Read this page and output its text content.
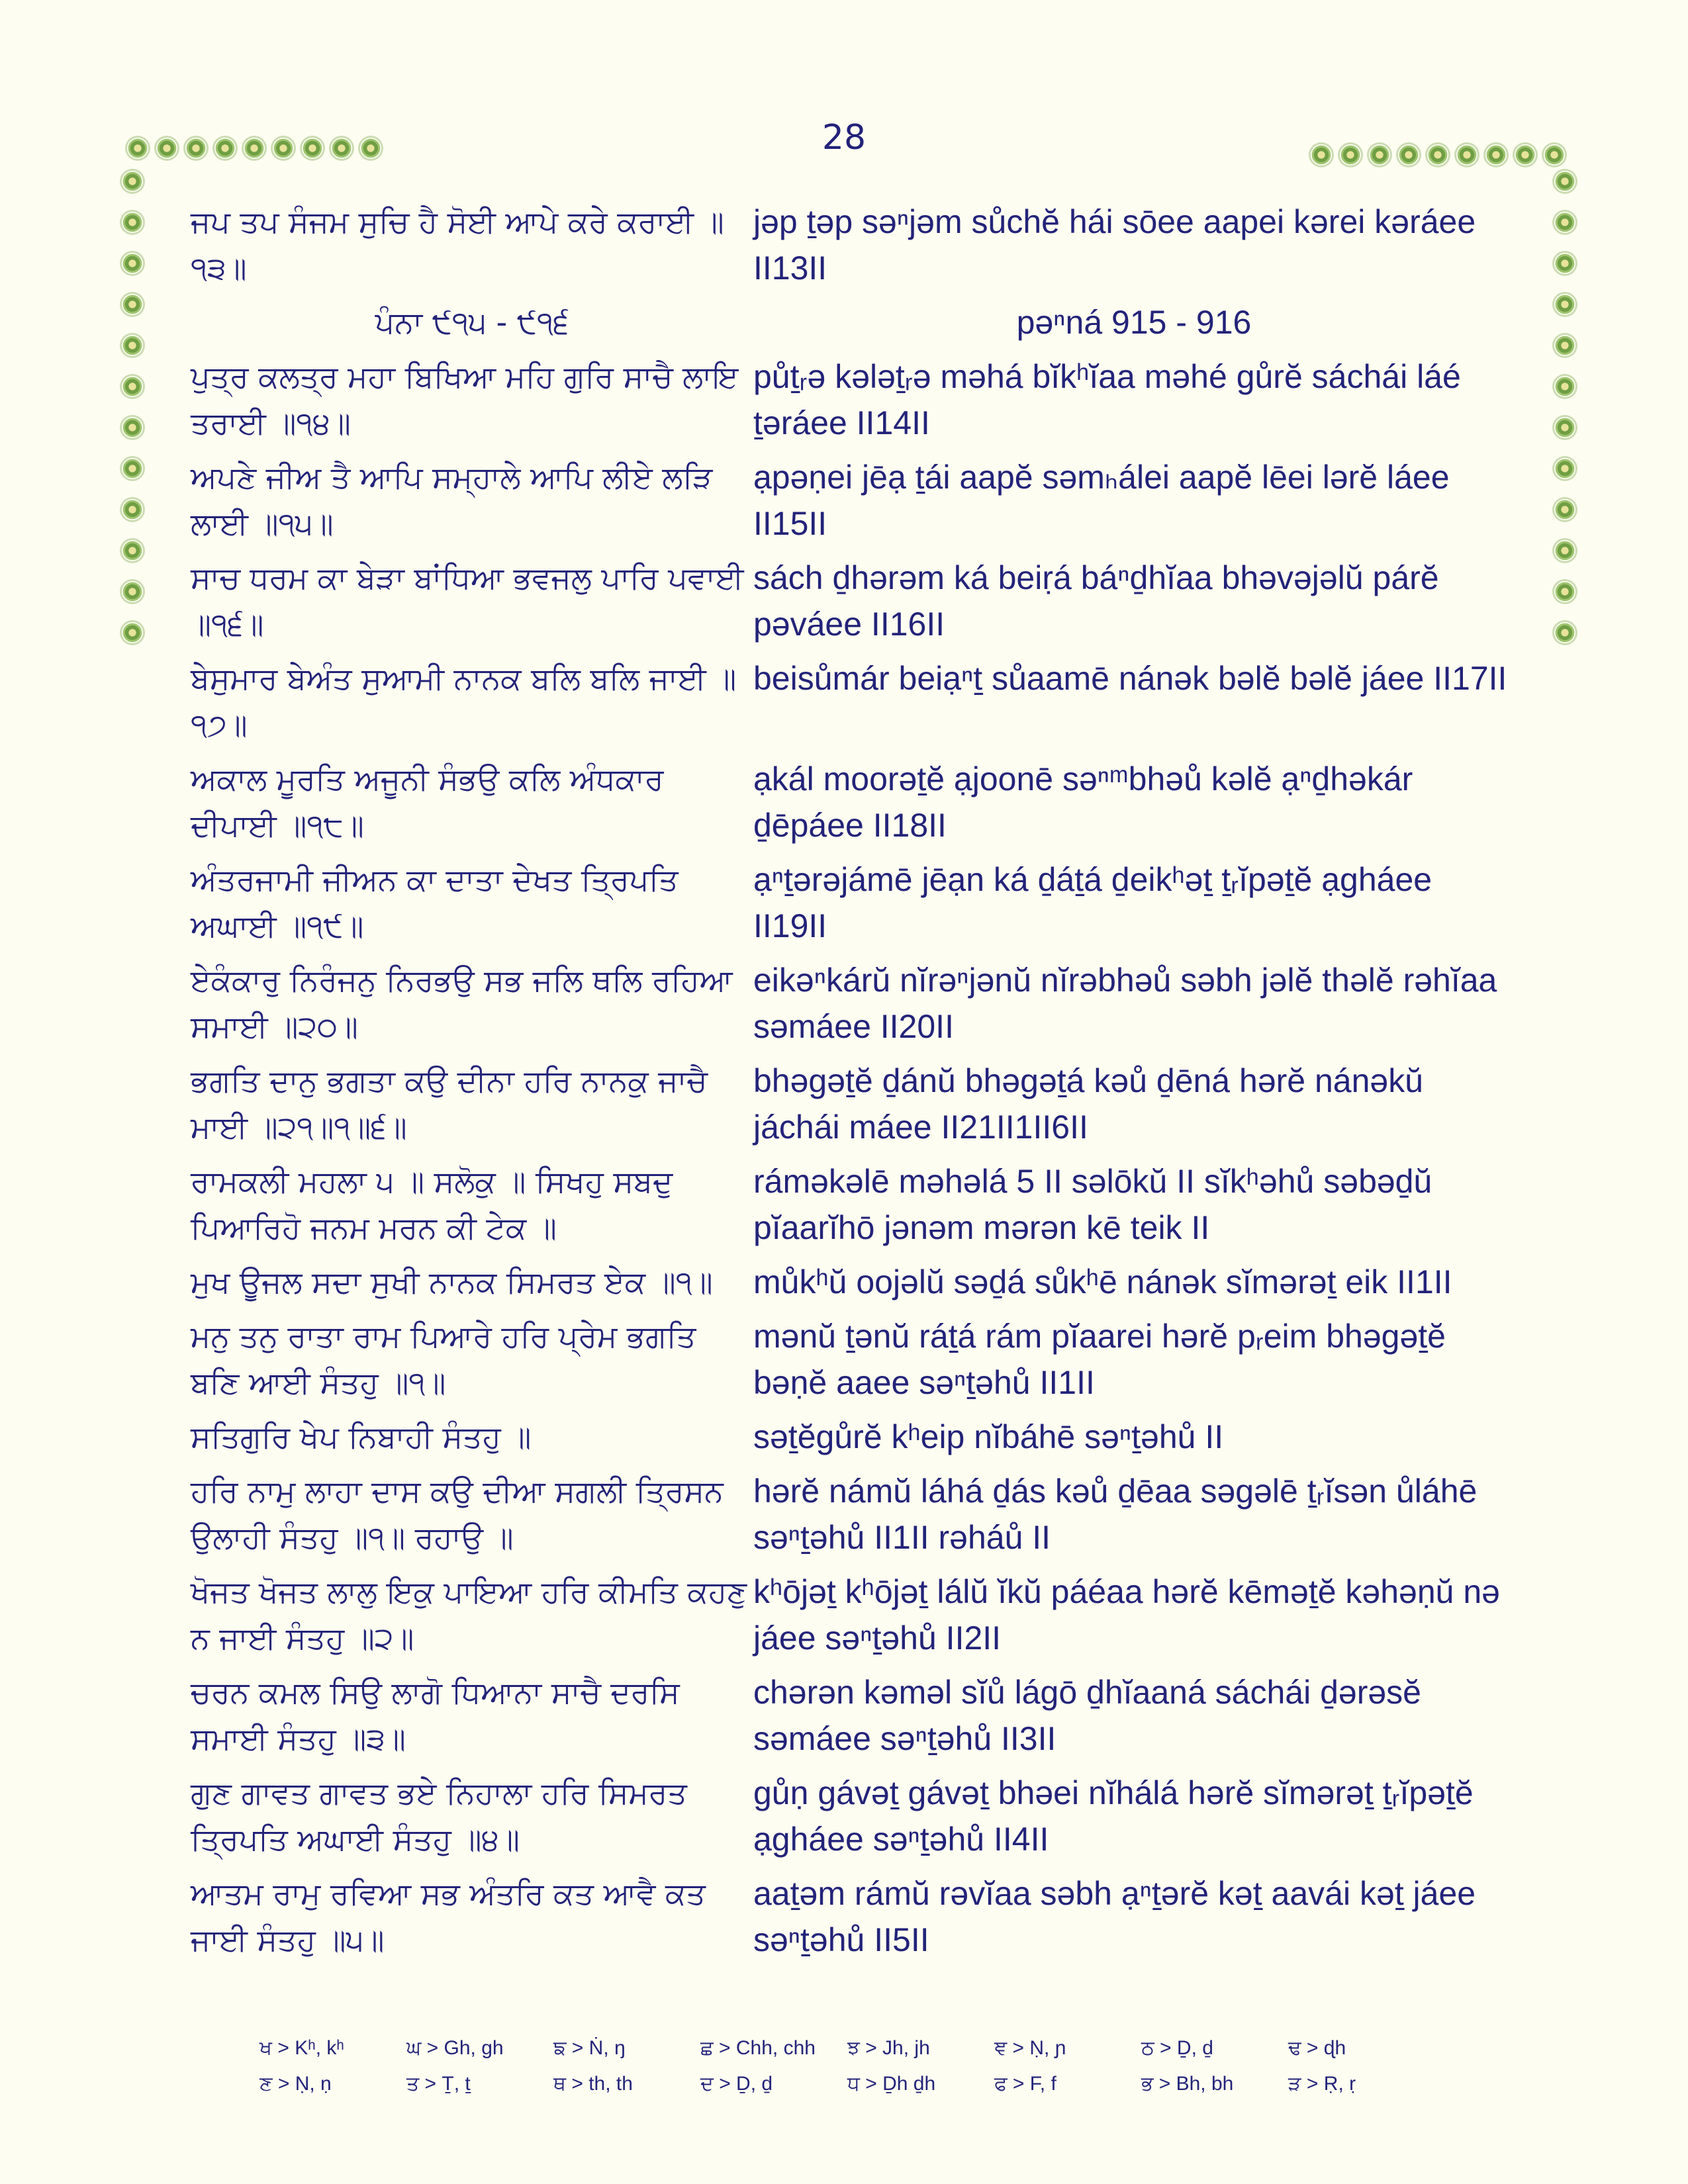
28
ਜਪ ਤਪ ਸੰਜਮ ਸੁਚਿ ਹੈ ਸੋਈ ਆਪੇ ਕਰੇ ਕਰਾਈ ॥੧੩॥
jəp ṯəp səⁿjəm sůchĕ hái sōee aapei kərei kəráee II13II
ਪੰਨਾ ੯੧੫ - ੯੧੬	pəⁿná 915 - 916
ਪੁਤ੍ਰ ਕਲਤ੍ਰ ਮਹਾ ਬਿਖਿਆ ਮਹਿ ਗੁਰਿ ਸਾਚੈ ਲਾਇ ਤਰਾਈ ॥੧੪॥
půṯᵣə kələṯᵣə məhá bĭkʰĭaa məhé gůrĕ sáchái láé ṯəráee II14II
ਅਪਣੇ ਜੀਅ ਤੈ ਆਪਿ ਸਮ੍ਹਾਲੇ ਆਪਿ ਲੀਏ ਲੜਿ ਲਾਈ ॥੧੫॥
ạpəṇei jēạ ṯái aapĕ səmₕálei aapĕ lēei lərĕ láee II15II
ਸਾਚ ਧਰਮ ਕਾ ਬੇੜਾ ਬਾਂਧਿਆ ਭਵਜਲੁ ਪਾਰਿ ਪਵਾਈ ॥੧੬॥
sách ḏhərəm ká beiṛá báⁿḏhĭaa bhəvəjəlŭ párĕ pəváee II16II
ਬੇਸੁਮਾਰ ਬੇਅੰਤ ਸੁਆਮੀ ਨਾਨਕ ਬਲਿ ਬਲਿ ਜਾਈ ॥੧੭॥
beisůmár beiạⁿṯ sůaamē nánək bəlĕ bəlĕ jáee II17II
ਅਕਾਲ ਮੂਰਤਿ ਅਜੂਨੀ ਸੰਭਉ ਕਲਿ ਅੰਧਕਾਰ ਦੀਪਾਈ ॥੧੮॥
ạkál moorəṯĕ ạjoonē səⁿᵐbhəů kəlĕ ạⁿḏhəkár ḏēpáee II18II
ਅੰਤਰਜਾਮੀ ਜੀਅਨ ਕਾ ਦਾਤਾ ਦੇਖਤ ਤ੍ਰਿਪਤਿ ਅਘਾਈ ॥੧੯॥
ạⁿṯərəjámē jēạn ká ḏáṯá ḏeikʰəṯ ṯᵣĭpəṯĕ ạgháee II19II
ਏਕੰਕਾਰੁ ਨਿਰੰਜਨੁ ਨਿਰਭਉ ਸਭ ਜਲਿ ਥਲਿ ਰਹਿਆ ਸਮਾਈ ॥੨੦॥
eikəⁿkárŭ nĭrəⁿjənŭ nĭrəbhəů səbh jəlĕ thəlĕ rəhĭaa səmáee II20II
ਭਗਤਿ ਦਾਨੁ ਭਗਤਾ ਕਉ ਦੀਨਾ ਹਰਿ ਨਾਨਕੁ ਜਾਚੈ ਮਾਈ ॥੨੧॥੧॥੬॥
bhəgəṯĕ ḏánŭ bhəgəṯá kəů ḏēná hərĕ nánəkŭ jáchái máee II21II1II6II
ਰਾਮਕਲੀ ਮਹਲਾ ੫ ॥ ਸਲੋਕੁ ॥ ਸਿਖਹੁ ਸਬਦੁ ਪਿਆਰਿਹੋ ਜਨਮ ਮਰਨ ਕੀ ਟੇਕ ॥
ráməkəlē məhəlá 5 II səlōkŭ II sĭkʰəhů səbəḏŭ pĭaarĭhō jənəm mərən kē teik II
ਮੁਖ ਊਜਲ ਸਦਾ ਸੁਖੀ ਨਾਨਕ ਸਿਮਰਤ ਏਕ ॥੧॥	můkʰŭ oojəlŭ səḏá sůkʰē nánək sĭmərəṯ eik II1II
ਮਨੁ ਤਨੁ ਰਾਤਾ ਰਾਮ ਪਿਆਰੇ ਹਰਿ ਪ੍ਰੇਮ ਭਗਤਿ ਬਣਿ ਆਈ ਸੰਤਹੁ ॥੧॥
mənŭ ṯənŭ ráṯá rám pĭaarei hərĕ pᵣeim bhəgəṯĕ bəṇĕ aaee səⁿṯəhů II1II
ਸਤਿਗੁਰਿ ਖੇਪ ਨਿਬਾਹੀ ਸੰਤਹੁ ॥	səṯĕgůrĕ kʰeip nĭbáhē səⁿṯəhů II
ਹਰਿ ਨਾਮੁ ਲਾਹਾ ਦਾਸ ਕਉ ਦੀਆ ਸਗਲੀ ਤ੍ਰਿਸਨ ਉਲਾਹੀ ਸੰਤਹੁ ॥੧॥ ਰਹਾਉ ॥
hərĕ námŭ láhá ḏás kəů ḏēaa səgəlē ṯᵣĭsən ůláhē səⁿṯəhů II1II rəháů II
ਖੋਜਤ ਖੋਜਤ ਲਾਲੁ ਇਕੁ ਪਾਇਆ ਹਰਿ ਕੀਮਤਿ ਕਹਣੁ ਨ ਜਾਈ ਸੰਤਹੁ ॥੨॥
kʰōjəṯ kʰōjəṯ lálŭ ĭkŭ páéaa hərĕ kēməṯĕ kəhəṇŭ nə jáee səⁿṯəhů II2II
ਚਰਨ ਕਮਲ ਸਿਉ ਲਾਗੋ ਧਿਆਨਾ ਸਾਚੈ ਦਰਸਿ ਸਮਾਈ ਸੰਤਹੁ ॥੩॥
chərən kəməl sĭů lágō ḏhĭaaná sáchái ḏərəsĕ səmáee səⁿṯəhů II3II
ਗੁਣ ਗਾਵਤ ਗਾਵਤ ਭਏ ਨਿਹਾਲਾ ਹਰਿ ਸਿਮਰਤ ਤ੍ਰਿਪਤਿ ਅਘਾਈ ਸੰਤਹੁ ॥੪॥
gůṇ gávəṯ gávəṯ bhəei nĭhálá hərĕ sĭmərəṯ ṯᵣĭpəṯĕ ạgháee səⁿṯəhů II4II
ਆਤਮ ਰਾਮੁ ਰਵਿਆ ਸਭ ਅੰਤਰਿ ਕਤ ਆਵੈ ਕਤ ਜਾਈ ਸੰਤਹੁ ॥੫॥
aaṯəm rámŭ rəvĭaa səbh ạⁿṯərĕ kəṯ aavái kəṯ jáee səⁿṯəhů II5II
ਖ > Kʰ, kʰ	ਘ > Gh, gh	ਙ > Ṅ, ŋ	ਛ > Chh, chh	ਝ > Jh, jh	ਞ > Ṇ, ɲ	ਠ > Ḏ, ḏ	ਢ > ɖh
ਣ > Ṇ, ṇ	ਤ > Ṯ, ṯ	ਥ > th, th	ਦ > Ḏ, ḏ	ਧ > Ḏh ḏh	ਫ > F, f	ਭ > Bh, bh	ੜ > Ṛ, ṛ
